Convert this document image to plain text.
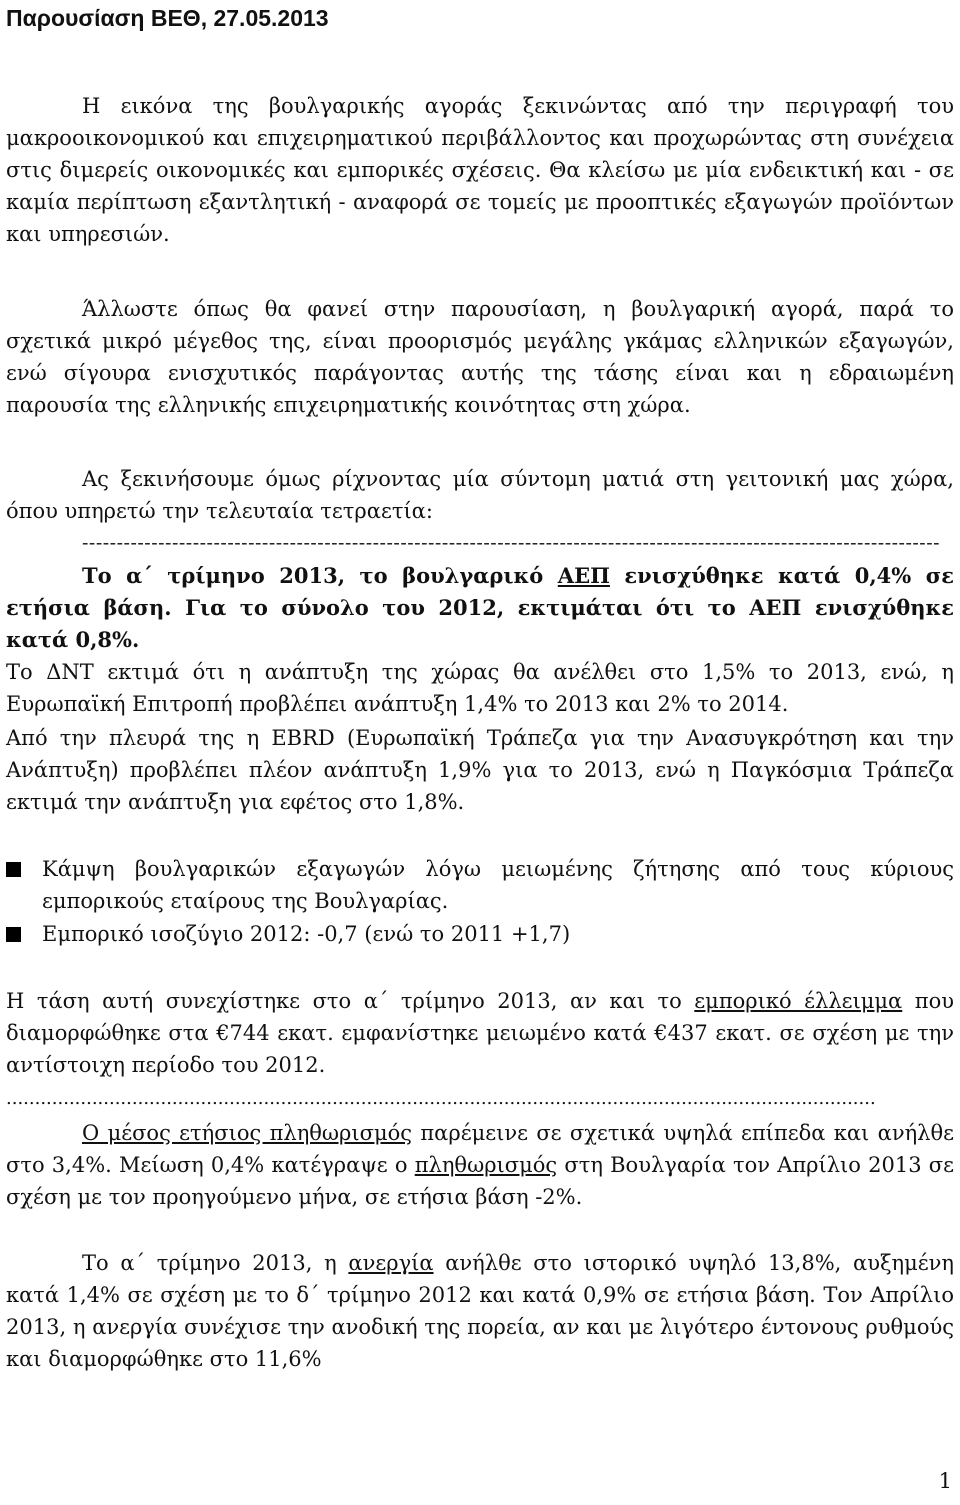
Παρουσίαση ΒΕΘ, 27.05.2013
Η εικόνα της βουλγαρικής αγοράς ξεκινώντας από την περιγραφή του μακροοικονομικού και επιχειρηματικού περιβάλλοντος και προχωρώντας στη συνέχεια στις διμερείς οικονομικές και εμπορικές σχέσεις. Θα κλείσω με μία ενδεικτική και - σε καμία περίπτωση εξαντλητική - αναφορά σε τομείς με προοπτικές εξαγωγών προϊόντων και υπηρεσιών.
Άλλωστε όπως θα φανεί στην παρουσίαση, η βουλγαρική αγορά, παρά το σχετικά μικρό μέγεθος της, είναι προορισμός μεγάλης γκάμας ελληνικών εξαγωγών, ενώ σίγουρα ενισχυτικός παράγοντας αυτής της τάσης είναι και η εδραιωμένη παρουσία της ελληνικής επιχειρηματικής κοινότητας στη χώρα.
Ας ξεκινήσουμε όμως ρίχνοντας μία σύντομη ματιά στη γειτονική μας χώρα, όπου υπηρετώ την τελευταία τετραετία:
----------------------------------------------------------------------------------------------------------------------------
Το α΄ τρίμηνο 2013, το βουλγαρικό ΑΕΠ ενισχύθηκε κατά 0,4% σε ετήσια βάση. Για το σύνολο του 2012, εκτιμάται ότι το ΑΕΠ ενισχύθηκε κατά 0,8%.
Το ΔΝΤ εκτιμά ότι η ανάπτυξη της χώρας θα ανέλθει στο 1,5% το 2013, ενώ, η Ευρωπαϊκή Επιτροπή προβλέπει ανάπτυξη 1,4% το 2013 και 2% το 2014.
Από την πλευρά της η EBRD (Ευρωπαϊκή Τράπεζα για την Ανασυγκρότηση και την Ανάπτυξη) προβλέπει πλέον ανάπτυξη 1,9% για το 2013, ενώ η Παγκόσμια Τράπεζα εκτιμά την ανάπτυξη για εφέτος στο 1,8%.
Κάμψη βουλγαρικών εξαγωγών λόγω μειωμένης ζήτησης από τους κύριους εμπορικούς εταίρους της Βουλγαρίας.
Εμπορικό ισοζύγιο 2012: -0,7 (ενώ το 2011 +1,7)
Η τάση αυτή συνεχίστηκε στο α΄ τρίμηνο 2013, αν και το εμπορικό έλλειμμα που διαμορφώθηκε στα €744 εκατ. εμφανίστηκε μειωμένο κατά €437 εκατ. σε σχέση με την αντίστοιχη περίοδο του 2012.
........................................................................................................................................................
Ο μέσος ετήσιος πληθωρισμός παρέμεινε σε σχετικά υψηλά επίπεδα και ανήλθε στο 3,4%. Μείωση 0,4% κατέγραψε ο πληθωρισμός στη Βουλγαρία τον Απρίλιο 2013 σε σχέση με τον προηγούμενο μήνα, σε ετήσια βάση -2%.
Το α΄ τρίμηνο 2013, η ανεργία ανήλθε στο ιστορικό υψηλό 13,8%, αυξημένη κατά 1,4% σε σχέση με το δ΄ τρίμηνο 2012 και κατά 0,9% σε ετήσια βάση. Τον Απρίλιο 2013, η ανεργία συνέχισε την ανοδική της πορεία, αν και με λιγότερο έντονους ρυθμούς και διαμορφώθηκε στο 11,6%
1
